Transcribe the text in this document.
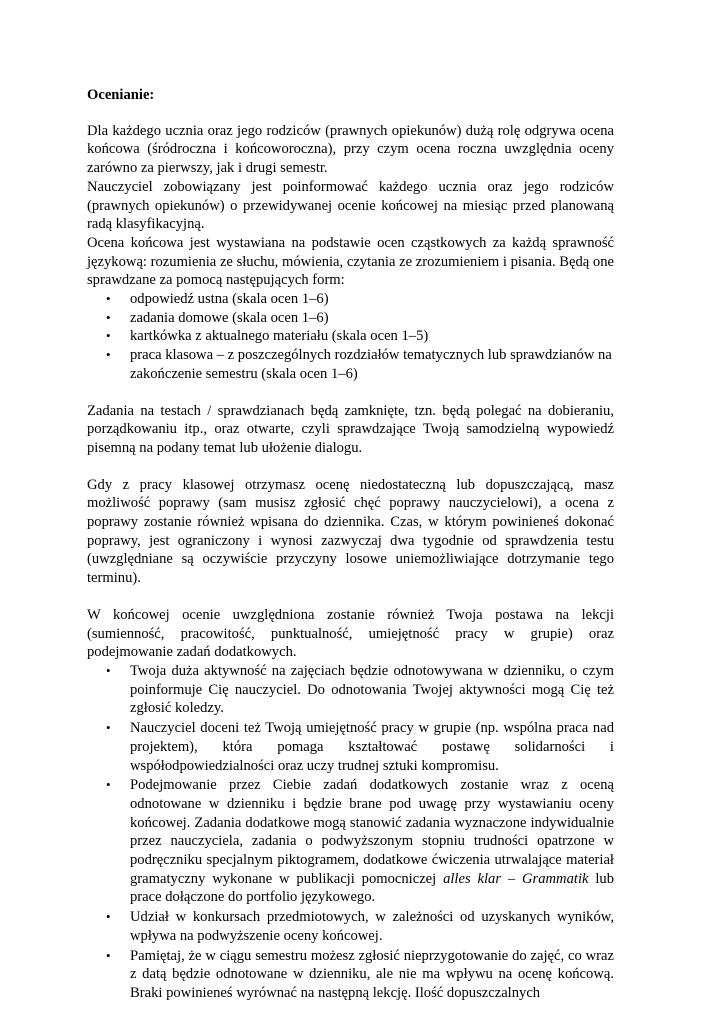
Ocenianie:

Dla każdego ucznia oraz jego rodziców (prawnych opiekunów) dużą rolę odgrywa ocena końcowa (śródroczna i końcoworoczna), przy czym ocena roczna uwzględnia oceny zarówno za pierwszy, jak i drugi semestr.

Nauczyciel zobowiązany jest poinformować każdego ucznia oraz jego rodziców (prawnych opiekunów) o przewidywanej ocenie końcowej na miesiąc przed planowaną radą klasyfikacyjną.

Ocena końcowa jest wystawiana na podstawie ocen cząstkowych za każdą sprawność językową: rozumienia ze słuchu, mówienia, czytania ze zrozumieniem i pisania. Będą one sprawdzane za pomocą następujących form:

• odpowiedź ustna (skala ocen 1–6)
• zadania domowe (skala ocen 1–6)
• kartkówka z aktualnego materiału (skala ocen 1–5)
• praca klasowa – z poszczególnych rozdziałów tematycznych lub sprawdzianów na zakończenie semestru (skala ocen 1–6)

Zadania na testach / sprawdzianach będą zamknięte, tzn. będą polegać na dobieraniu, porządkowaniu itp., oraz otwarte, czyli sprawdzające Twoją samodzielną wypowiedź pisemną na podany temat lub ułożenie dialogu.

Gdy z pracy klasowej otrzymasz ocenę niedostateczną lub dopuszczającą, masz możliwość poprawy (sam musisz zgłosić chęć poprawy nauczycielowi), a ocena z poprawy zostanie również wpisana do dziennika. Czas, w którym powinieneś dokonać poprawy, jest ograniczony i wynosi zazwyczaj dwa tygodnie od sprawdzenia testu (uwzględniane są oczywiście przyczyny losowe uniemożliwiające dotrzymanie tego terminu).

W końcowej ocenie uwzględniona zostanie również Twoja postawa na lekcji (sumienność, pracowitość, punktualność, umiejętność pracy w grupie) oraz podejmowanie zadań dodatkowych.

• Twoja duża aktywność na zajęciach będzie odnotowywana w dzienniku, o czym poinformuje Cię nauczyciel. Do odnotowania Twojej aktywności mogą Cię też zgłosić koledzy.
• Nauczyciel doceni też Twoją umiejętność pracy w grupie (np. wspólna praca nad projektem), która pomaga kształtować postawę solidarności i współodpowiedzialności oraz uczy trudnej sztuki kompromisu.
• Podejmowanie przez Ciebie zadań dodatkowych zostanie wraz z oceną odnotowane w dzienniku i będzie brane pod uwagę przy wystawianiu oceny końcowej. Zadania dodatkowe mogą stanowić zadania wyznaczone indywidualnie przez nauczyciela, zadania o podwyższonym stopniu trudności opatrzone w podręczniku specjalnym piktogramem, dodatkowe ćwiczenia utrwalające materiał gramatyczny wykonane w publikacji pomocniczej alles klar – Grammatik lub prace dołączone do portfolio językowego.
• Udział w konkursach przedmiotowych, w zależności od uzyskanych wyników, wpływa na podwyższenie oceny końcowej.
• Pamiętaj, że w ciągu semestru możesz zgłosić nieprzygotowanie do zajęć, co wraz z datą będzie odnotowane w dzienniku, ale nie ma wpływu na ocenę końcową. Braki powinieneś wyrównać na następną lekcję. Ilość dopuszczalnych
